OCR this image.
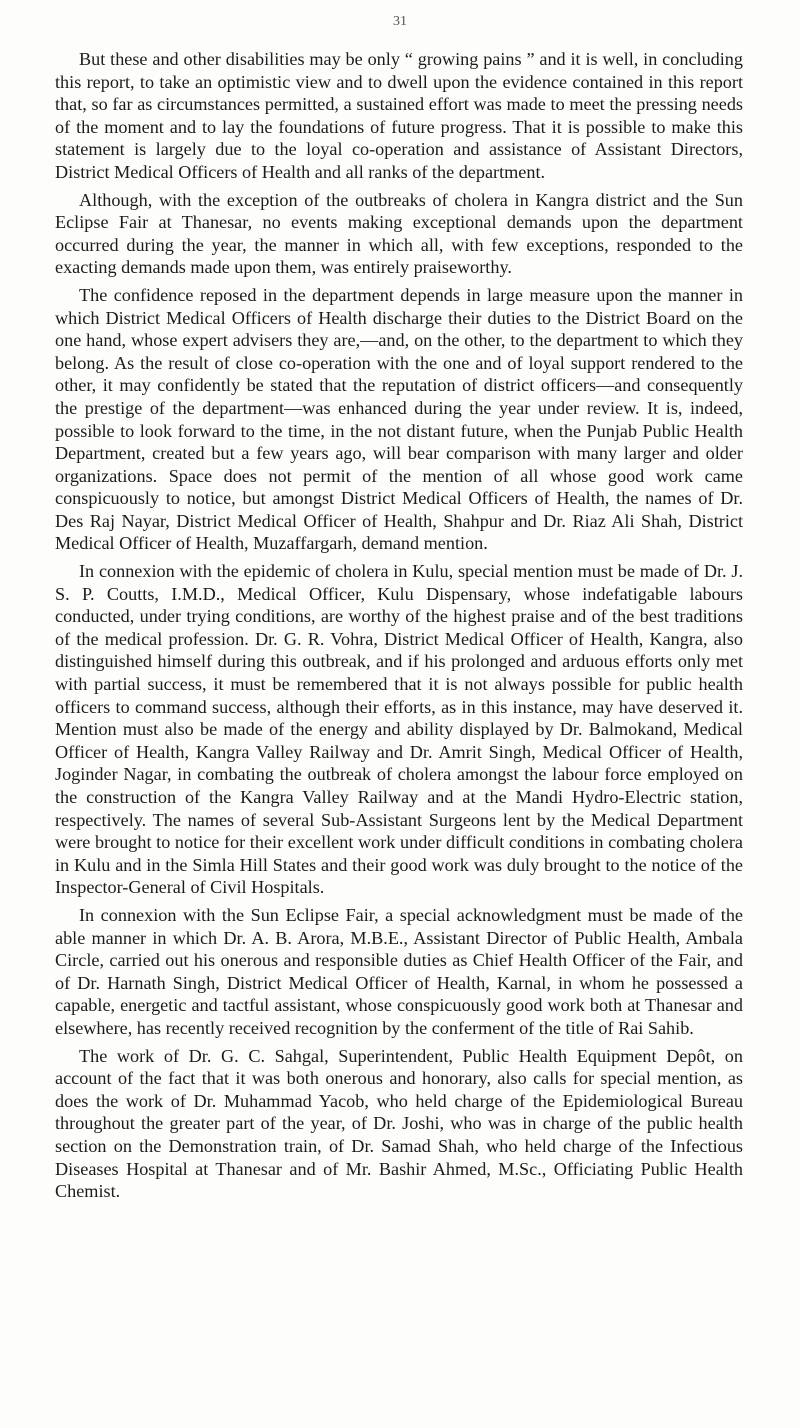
31

But these and other disabilities may be only “ growing pains ” and it is well, in concluding this report, to take an optimistic view and to dwell upon the evidence contained in this report that, so far as circumstances permitted, a sustained effort was made to meet the pressing needs of the moment and to lay the foundations of future progress. That it is possible to make this statement is largely due to the loyal co-operation and assistance of Assistant Directors, District Medical Officers of Health and all ranks of the department.

Although, with the exception of the outbreaks of cholera in Kangra district and the Sun Eclipse Fair at Thanesar, no events making exceptional demands upon the department occurred during the year, the manner in which all, with few exceptions, responded to the exacting demands made upon them, was entirely praiseworthy.

The confidence reposed in the department depends in large measure upon the manner in which District Medical Officers of Health discharge their duties to the District Board on the one hand, whose expert advisers they are,—and, on the other, to the department to which they belong. As the result of close co-operation with the one and of loyal support rendered to the other, it may confidently be stated that the reputation of district officers—and consequently the prestige of the department—was enhanced during the year under review. It is, indeed, possible to look forward to the time, in the not distant future, when the Punjab Public Health Department, created but a few years ago, will bear comparison with many larger and older organizations. Space does not permit of the mention of all whose good work came conspicuously to notice, but amongst District Medical Officers of Health, the names of Dr. Des Raj Nayar, District Medical Officer of Health, Shahpur and Dr. Riaz Ali Shah, District Medical Officer of Health, Muzaffargarh, demand mention.

In connexion with the epidemic of cholera in Kulu, special mention must be made of Dr. J. S. P. Coutts, I.M.D., Medical Officer, Kulu Dispensary, whose indefatigable labours conducted, under trying conditions, are worthy of the highest praise and of the best traditions of the medical profession. Dr. G. R. Vohra, District Medical Officer of Health, Kangra, also distinguished himself during this outbreak, and if his prolonged and arduous efforts only met with partial success, it must be remembered that it is not always possible for public health officers to command success, although their efforts, as in this instance, may have deserved it. Mention must also be made of the energy and ability displayed by Dr. Balmokand, Medical Officer of Health, Kangra Valley Railway and Dr. Amrit Singh, Medical Officer of Health, Joginder Nagar, in combating the outbreak of cholera amongst the labour force employed on the construction of the Kangra Valley Railway and at the Mandi Hydro-Electric station, respectively. The names of several Sub-Assistant Surgeons lent by the Medical Department were brought to notice for their excellent work under difficult conditions in combating cholera in Kulu and in the Simla Hill States and their good work was duly brought to the notice of the Inspector-General of Civil Hospitals.

In connexion with the Sun Eclipse Fair, a special acknowledgment must be made of the able manner in which Dr. A. B. Arora, M.B.E., Assistant Director of Public Health, Ambala Circle, carried out his onerous and responsible duties as Chief Health Officer of the Fair, and of Dr. Harnath Singh, District Medical Officer of Health, Karnal, in whom he possessed a capable, energetic and tactful assistant, whose conspicuously good work both at Thanesar and elsewhere, has recently received recognition by the conferment of the title of Rai Sahib.

The work of Dr. G. C. Sahgal, Superintendent, Public Health Equipment Depôt, on account of the fact that it was both onerous and honorary, also calls for special mention, as does the work of Dr. Muhammad Yacob, who held charge of the Epidemiological Bureau throughout the greater part of the year, of Dr. Joshi, who was in charge of the public health section on the Demonstration train, of Dr. Samad Shah, who held charge of the Infectious Diseases Hospital at Thanesar and of Mr. Bashir Ahmed, M.Sc., Officiating Public Health Chemist.
